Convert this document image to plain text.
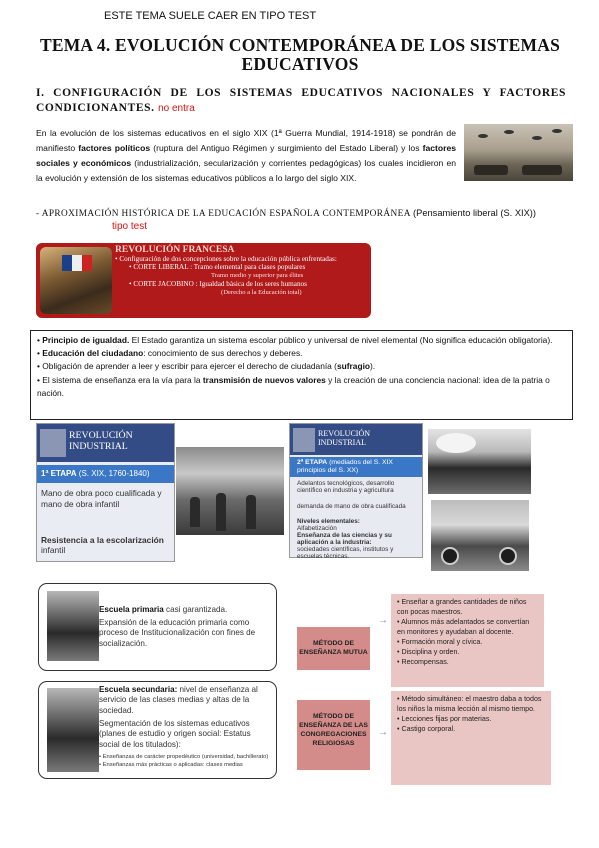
ESTE TEMA SUELE CAER EN TIPO TEST
TEMA 4. EVOLUCIÓN CONTEMPORÁNEA DE LOS SISTEMAS EDUCATIVOS
I. CONFIGURACIÓN DE LOS SISTEMAS EDUCATIVOS NACIONALES Y FACTORES CONDICIONANTES. no entra
En la evolución de los sistemas educativos en el siglo XIX (1ª Guerra Mundial, 1914-1918) se pondrán de manifiesto factores políticos (ruptura del Antiguo Régimen y surgimiento del Estado Liberal) y los factores sociales y económicos (industrialización, secularización y corrientes pedagógicas) los cuales incidieron en la evolución y extensión de los sistemas educativos públicos a lo largo del siglo XIX.
- APROXIMACIÓN HISTÓRICA DE LA EDUCACIÓN ESPAÑOLA CONTEMPORÁNEA (Pensamiento liberal (S. XIX))
tipo test
REVOLUCIÓN FRANCESA
• Configuración de dos concepciones sobre la educación pública enfrentadas:
• CORTE LIBERAL : Tramo elemental para clases populares
Tramo medio y superior para élites
• CORTE JACOBINO : Igualdad básica de los seres humanos
(Derecho a la Educación total)
• Principio de igualdad. El Estado garantiza un sistema escolar público y universal de nivel elemental (No significa educación obligatoria).
• Educación del ciudadano: conocimiento de sus derechos y deberes.
• Obligación de aprender a leer y escribir para ejercer el derecho de ciudadanía (sufragio).
• El sistema de enseñanza era la vía para la transmisión de nuevos valores y la creación de una conciencia nacional: idea de la patria o nación.
REVOLUCIÓN INDUSTRIAL
1ª ETAPA (S. XIX, 1760-1840)
Mano de obra poco cualificada y mano de obra infantil
Resistencia a la escolarización infantil
REVOLUCIÓN INDUSTRIAL
2ª ETAPA (mediados del S. XIX principios del S. XX)
Adelantos tecnológicos, desarrollo científico en industria y agricultura
demanda de mano de obra cualificada
Niveles elementales:
Alfabetización
Enseñanza de las ciencias y su aplicación a la industria:
sociedades científicas, institutos y escuelas técnicas.
Escuela primaria casi garantizada.
Expansión de la educación primaria como proceso de Institucionalización con fines de socialización.
Escuela secundaria: nivel de enseñanza al servicio de las clases medias y altas de la sociedad.
Segmentación de los sistemas educativos (planes de estudio y origen social: Estatus social de los titulados):
• Enseñanzas de carácter propedéutico (universidad, bachillerato)
• Enseñanzas más prácticas o aplicadas: clases medias
MÉTODO DE ENSEÑANZA MUTUA
→
• Enseñar a grandes cantidades de niños con pocas maestros.
• Alumnos más adelantados se convertían en monitores y ayudaban al docente.
• Formación moral y cívica.
• Disciplina y orden.
• Recompensas.
MÉTODO DE ENSEÑANZA DE LAS CONGREGACIONES RELIGIOSAS
→
• Método simultáneo: el maestro daba a todos los niños la misma lección al mismo tiempo.
• Lecciones fijas por materias.
• Castigo corporal.
